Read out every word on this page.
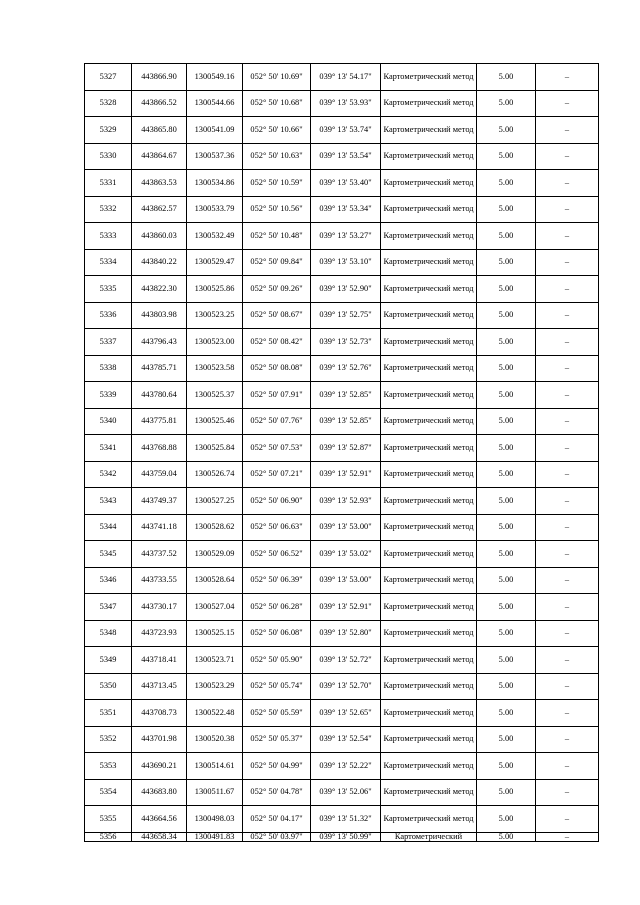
5327	443866.90	1300549.16	052° 50' 10.69"	039° 13' 54.17"	Картометрический метод	5.00	–
5328	443866.52	1300544.66	052° 50' 10.68"	039° 13' 53.93"	Картометрический метод	5.00	–
5329	443865.80	1300541.09	052° 50' 10.66"	039° 13' 53.74"	Картометрический метод	5.00	–
5330	443864.67	1300537.36	052° 50' 10.63"	039° 13' 53.54"	Картометрический метод	5.00	–
5331	443863.53	1300534.86	052° 50' 10.59"	039° 13' 53.40"	Картометрический метод	5.00	–
5332	443862.57	1300533.79	052° 50' 10.56"	039° 13' 53.34"	Картометрический метод	5.00	–
5333	443860.03	1300532.49	052° 50' 10.48"	039° 13' 53.27"	Картометрический метод	5.00	–
5334	443840.22	1300529.47	052° 50' 09.84"	039° 13' 53.10"	Картометрический метод	5.00	–
5335	443822.30	1300525.86	052° 50' 09.26"	039° 13' 52.90"	Картометрический метод	5.00	–
5336	443803.98	1300523.25	052° 50' 08.67"	039° 13' 52.75"	Картометрический метод	5.00	–
5337	443796.43	1300523.00	052° 50' 08.42"	039° 13' 52.73"	Картометрический метод	5.00	–
5338	443785.71	1300523.58	052° 50' 08.08"	039° 13' 52.76"	Картометрический метод	5.00	–
5339	443780.64	1300525.37	052° 50' 07.91"	039° 13' 52.85"	Картометрический метод	5.00	–
5340	443775.81	1300525.46	052° 50' 07.76"	039° 13' 52.85"	Картометрический метод	5.00	–
5341	443768.88	1300525.84	052° 50' 07.53"	039° 13' 52.87"	Картометрический метод	5.00	–
5342	443759.04	1300526.74	052° 50' 07.21"	039° 13' 52.91"	Картометрический метод	5.00	–
5343	443749.37	1300527.25	052° 50' 06.90"	039° 13' 52.93"	Картометрический метод	5.00	–
5344	443741.18	1300528.62	052° 50' 06.63"	039° 13' 53.00"	Картометрический метод	5.00	–
5345	443737.52	1300529.09	052° 50' 06.52"	039° 13' 53.02"	Картометрический метод	5.00	–
5346	443733.55	1300528.64	052° 50' 06.39"	039° 13' 53.00"	Картометрический метод	5.00	–
5347	443730.17	1300527.04	052° 50' 06.28"	039° 13' 52.91"	Картометрический метод	5.00	–
5348	443723.93	1300525.15	052° 50' 06.08"	039° 13' 52.80"	Картометрический метод	5.00	–
5349	443718.41	1300523.71	052° 50' 05.90"	039° 13' 52.72"	Картометрический метод	5.00	–
5350	443713.45	1300523.29	052° 50' 05.74"	039° 13' 52.70"	Картометрический метод	5.00	–
5351	443708.73	1300522.48	052° 50' 05.59"	039° 13' 52.65"	Картометрический метод	5.00	–
5352	443701.98	1300520.38	052° 50' 05.37"	039° 13' 52.54"	Картометрический метод	5.00	–
5353	443690.21	1300514.61	052° 50' 04.99"	039° 13' 52.22"	Картометрический метод	5.00	–
5354	443683.80	1300511.67	052° 50' 04.78"	039° 13' 52.06"	Картометрический метод	5.00	–
5355	443664.56	1300498.03	052° 50' 04.17"	039° 13' 51.32"	Картометрический метод	5.00	–
5356	443658.34	1300491.83	052° 50' 03.97"	039° 13' 50.99"	Картометрический	5.00	–
